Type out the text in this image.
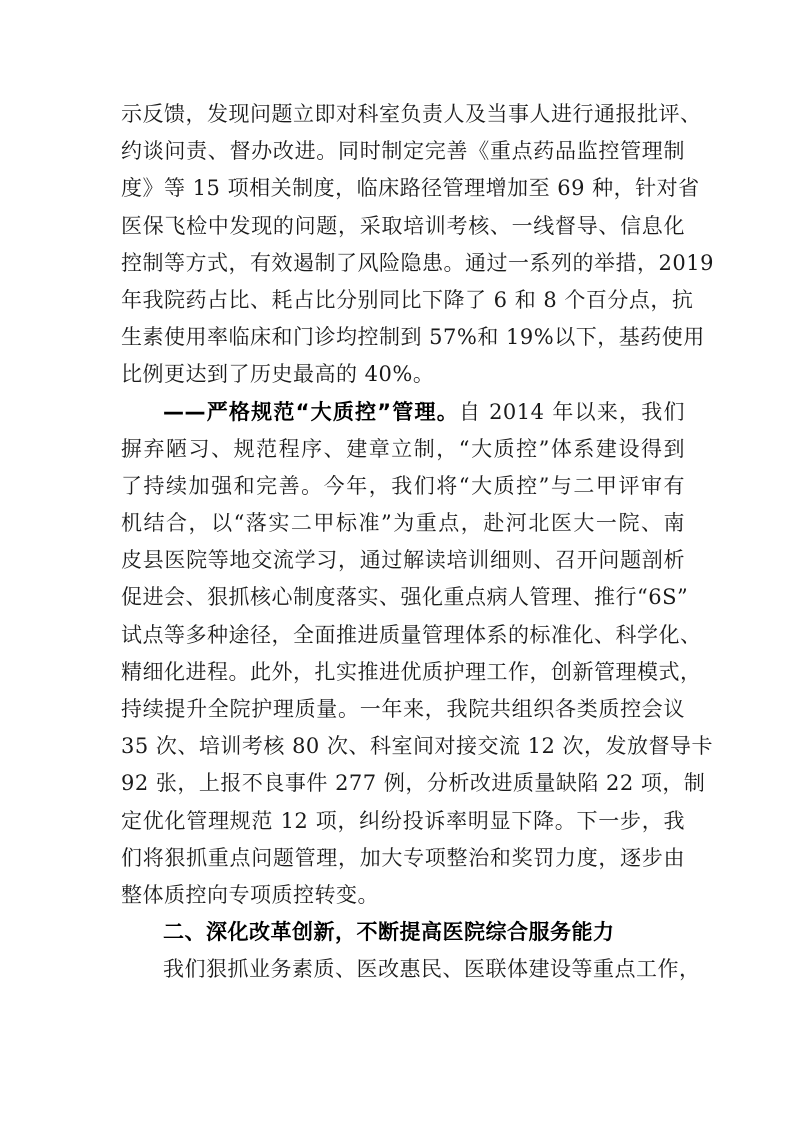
示反馈，发现问题立即对科室负责人及当事人进行通报批评、
约谈问责、督办改进。同时制定完善《重点药品监控管理制
度》等 15 项相关制度，临床路径管理增加至 69 种，针对省
医保飞检中发现的问题，采取培训考核、一线督导、信息化
控制等方式，有效遏制了风险隐患。通过一系列的举措，2019
年我院药占比、耗占比分别同比下降了 6 和 8 个百分点，抗
生素使用率临床和门诊均控制到 57%和 19%以下，基药使用
比例更达到了历史最高的 40%。
——严格规范“大质控”管理。自 2014 年以来，我们
摒弃陋习、规范程序、建章立制，“大质控”体系建设得到
了持续加强和完善。今年，我们将“大质控”与二甲评审有
机结合，以“落实二甲标准”为重点，赴河北医大一院、南
皮县医院等地交流学习，通过解读培训细则、召开问题剖析
促进会、狠抓核心制度落实、强化重点病人管理、推行“6S”
试点等多种途径，全面推进质量管理体系的标准化、科学化、
精细化进程。此外，扎实推进优质护理工作，创新管理模式，
持续提升全院护理质量。一年来，我院共组织各类质控会议
35 次、培训考核 80 次、科室间对接交流 12 次，发放督导卡
92 张，上报不良事件 277 例，分析改进质量缺陷 22 项，制
定优化管理规范 12 项，纠纷投诉率明显下降。下一步，我
们将狠抓重点问题管理，加大专项整治和奖罚力度，逐步由
整体质控向专项质控转变。
二、深化改革创新，不断提高医院综合服务能力
我们狠抓业务素质、医改惠民、医联体建设等重点工作，
